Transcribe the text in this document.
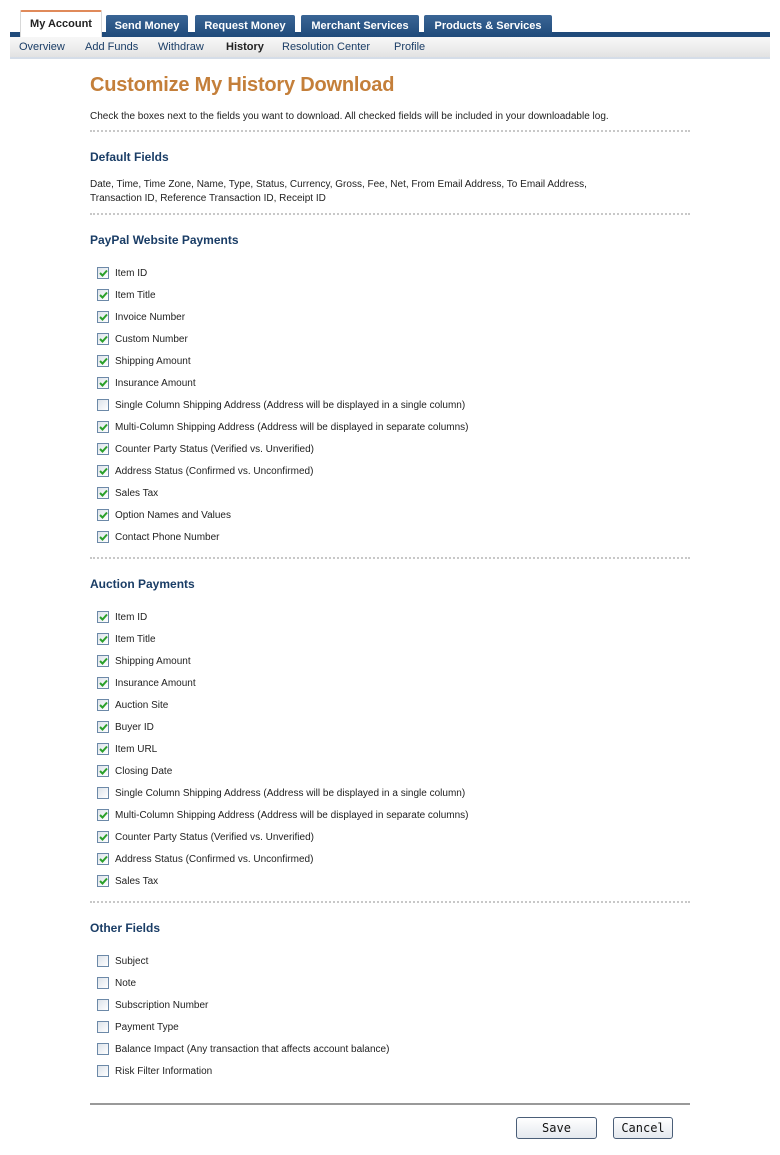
My Account	Send Money	Request Money	Merchant Services	Products & Services
Overview Add Funds Withdraw History Resolution Center Profile
Customize My History Download
Check the boxes next to the fields you want to download. All checked fields will be included in your downloadable log.
Default Fields
Date, Time, Time Zone, Name, Type, Status, Currency, Gross, Fee, Net, From Email Address, To Email Address,
Transaction ID, Reference Transaction ID, Receipt ID
PayPal Website Payments
Item ID
Item Title
Invoice Number
Custom Number
Shipping Amount
Insurance Amount
Single Column Shipping Address (Address will be displayed in a single column)
Multi-Column Shipping Address (Address will be displayed in separate columns)
Counter Party Status (Verified vs. Unverified)
Address Status (Confirmed vs. Unconfirmed)
Sales Tax
Option Names and Values
Contact Phone Number
Auction Payments
Item ID
Item Title
Shipping Amount
Insurance Amount
Auction Site
Buyer ID
Item URL
Closing Date
Single Column Shipping Address (Address will be displayed in a single column)
Multi-Column Shipping Address (Address will be displayed in separate columns)
Counter Party Status (Verified vs. Unverified)
Address Status (Confirmed vs. Unconfirmed)
Sales Tax
Other Fields
Subject
Note
Subscription Number
Payment Type
Balance Impact (Any transaction that affects account balance)
Risk Filter Information
Save	Cancel
